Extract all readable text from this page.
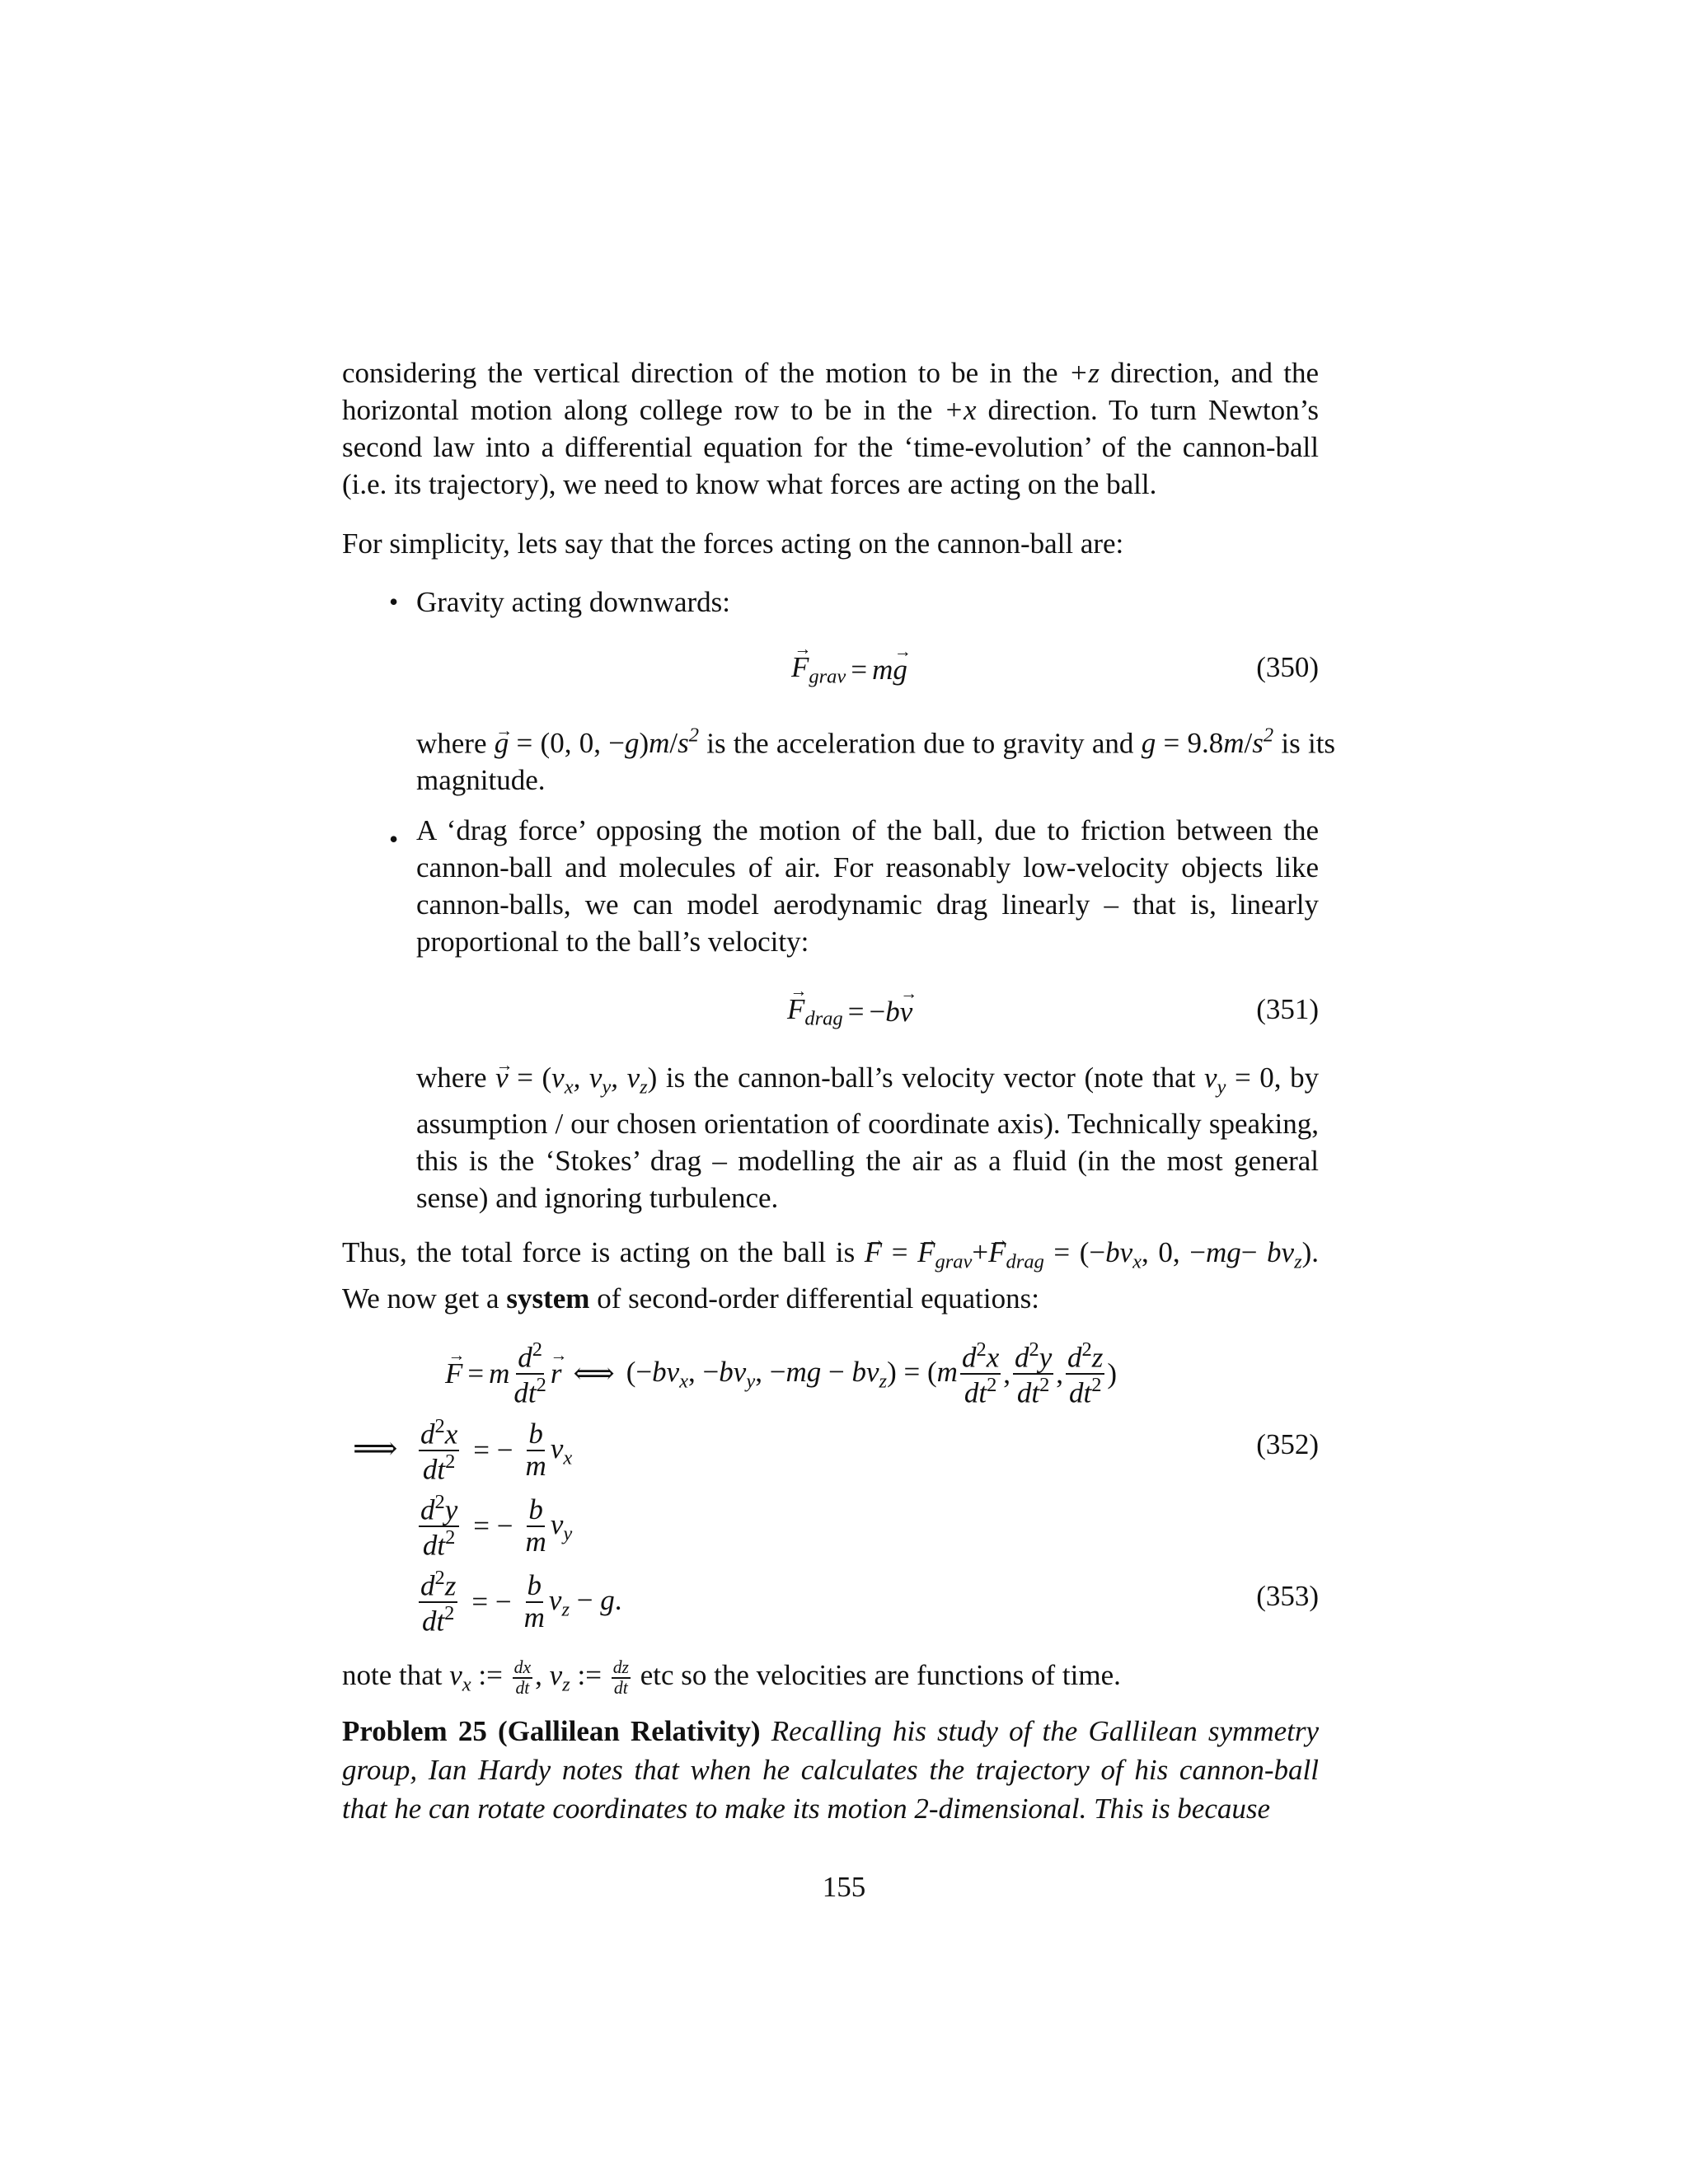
considering the vertical direction of the motion to be in the +z direction, and the horizontal motion along college row to be in the +x direction. To turn Newton’s second law into a differential equation for the ‘time-evolution’ of the cannon-ball (i.e. its trajectory), we need to know what forces are acting on the ball.

For simplicity, lets say that the forces acting on the cannon-ball are:

• Gravity acting downwards:

$F \to_{grav}$ = mg →	(350)

where g → = (0, 0, $-g)m/s^2$ is the acceleration due to gravity and $g = 9.8m/s^2$ is its magnitude.

• A ‘drag force’ opposing the motion of the ball, due to friction between the cannon-ball and molecules of air. For reasonably low-velocity objects like cannon-balls, we can model aerodynamic drag linearly – that is, linearly proportional to the ball’s velocity:

$F \to_{drag} = -bv$ →	(351)

where v → = ($v_x$, $v_y$, $v_z$) is the cannon-ball’s velocity vector (note that $v_y = 0$, by assumption / our chosen orientation of coordinate axis). Technically speaking, this is the ‘Stokes’ drag – modelling the air as a fluid (in the most general sense) and ignoring turbulence.

Thus, the total force is acting on the ball is F → = $F \to_{grav}+F \to_{drag} = (-bv_x$, 0, $-mg- bv_z$). We now get a system of second-order differential equations:

F → = m $\frac{d^2}{dt^2}$ r → ⟺ ($-bv_x$, $-bv_y$, $-mg - bv_z) = (m \frac{d^2x}{dt^2}$ , $\frac{d^2y}{dt^2}$ , $\frac{d^2z}{dt^2}$ )
⟹ $\frac{d^2x}{dt^2}$ = − $\frac{b}{m} v_x$	(352)
$\frac{d^2y}{dt^2}$ = − $\frac{b}{m} v_y$
$\frac{d^2z}{dt^2}$ = − $\frac{b}{m} v_z - g$.	(353)

note that $v_x$ := $\frac{dx}{dt}$ , $v_z$ := $\frac{dz}{dt}$ etc so the velocities are functions of time.

Problem 25 (Gallilean Relativity) Recalling his study of the Gallilean symmetry group, Ian Hardy notes that when he calculates the trajectory of his cannon-ball that he can rotate coordinates to make its motion 2-dimensional. This is because

155
